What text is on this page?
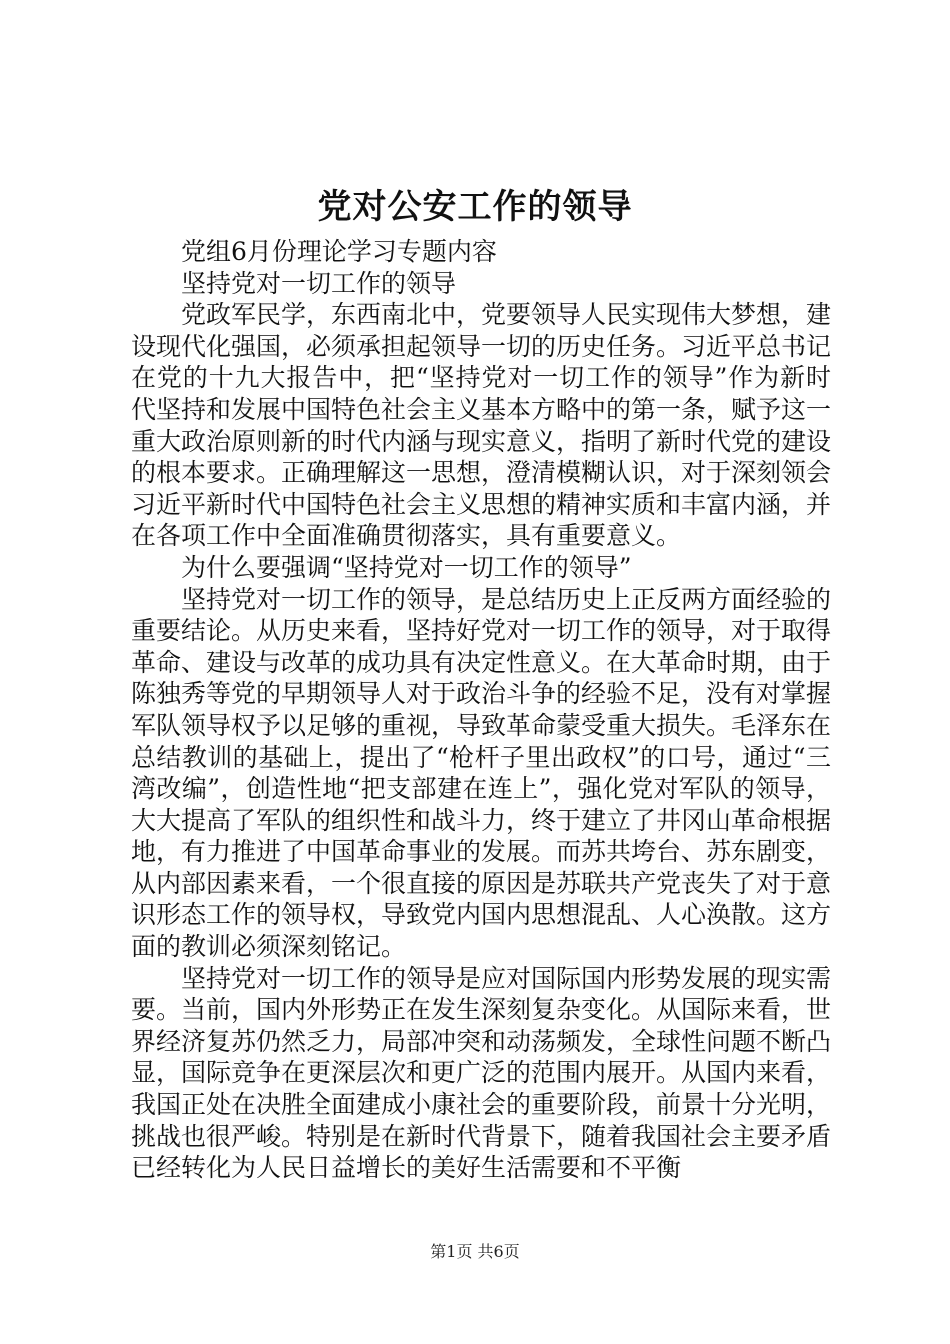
党对公安工作的领导

党组6月份理论学习专题内容

坚持党对一切工作的领导

党政军民学，东西南北中，党要领导人民实现伟大梦想，建设现代化强国，必须承担起领导一切的历史任务。习近平总书记在党的十九大报告中，把“坚持党对一切工作的领导”作为新时代坚持和发展中国特色社会主义基本方略中的第一条，赋予这一重大政治原则新的时代内涵与现实意义，指明了新时代党的建设的根本要求。正确理解这一思想，澄清模糊认识，对于深刻领会习近平新时代中国特色社会主义思想的精神实质和丰富内涵，并在各项工作中全面准确贯彻落实，具有重要意义。

为什么要强调“坚持党对一切工作的领导”

坚持党对一切工作的领导，是总结历史上正反两方面经验的重要结论。从历史来看，坚持好党对一切工作的领导，对于取得革命、建设与改革的成功具有决定性意义。在大革命时期，由于陈独秀等党的早期领导人对于政治斗争的经验不足，没有对掌握军队领导权予以足够的重视，导致革命蒙受重大损失。毛泽东在总结教训的基础上，提出了“枪杆子里出政权”的口号，通过“三湾改编”，创造性地“把支部建在连上”，强化党对军队的领导，大大提高了军队的组织性和战斗力，终于建立了井冈山革命根据地，有力推进了中国革命事业的发展。而苏共垮台、苏东剧变，从内部因素来看，一个很直接的原因是苏联共产党丧失了对于意识形态工作的领导权，导致党内国内思想混乱、人心涣散。这方面的教训必须深刻铭记。

坚持党对一切工作的领导是应对国际国内形势发展的现实需要。当前，国内外形势正在发生深刻复杂变化。从国际来看，世界经济复苏仍然乏力，局部冲突和动荡频发，全球性问题不断凸显，国际竞争在更深层次和更广泛的范围内展开。从国内来看，我国正处在决胜全面建成小康社会的重要阶段，前景十分光明，挑战也很严峻。特别是在新时代背景下，随着我国社会主要矛盾已经转化为人民日益增长的美好生活需要和不平衡

第1页 共6页
